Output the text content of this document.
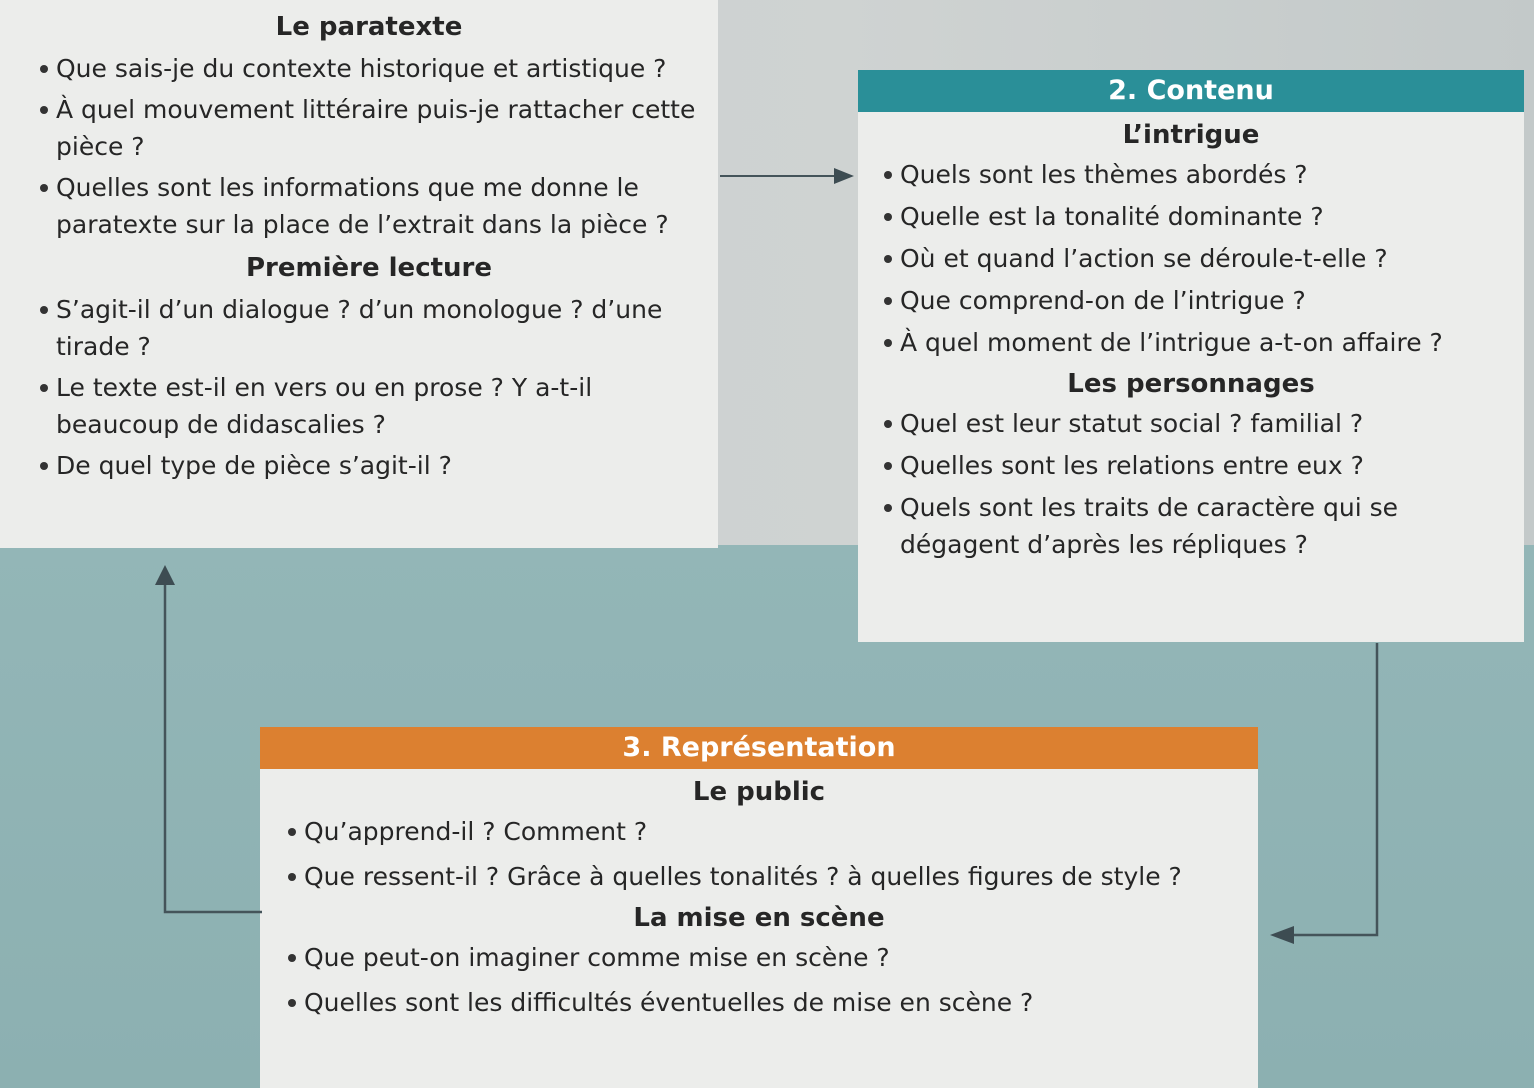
Le paratexte
Que sais-je du contexte historique et artistique ?
À quel mouvement littéraire puis-je rattacher cette pièce ?
Quelles sont les informations que me donne le paratexte sur la place de l’extrait dans la pièce ?
Première lecture
S’agit-il d’un dialogue ? d’un monologue ? d’une tirade ?
Le texte est-il en vers ou en prose ? Y a-t-il beaucoup de didascalies ?
De quel type de pièce s’agit-il ?
2. Contenu
L’intrigue
Quels sont les thèmes abordés ?
Quelle est la tonalité dominante ?
Où et quand l’action se déroule-t-elle ?
Que comprend-on de l’intrigue ?
À quel moment de l’intrigue a-t-on affaire ?
Les personnages
Quel est leur statut social ? familial ?
Quelles sont les relations entre eux ?
Quels sont les traits de caractère qui se dégagent d’après les répliques ?
3. Représentation
Le public
Qu’apprend-il ? Comment ?
Que ressent-il ? Grâce à quelles tonalités ? à quelles figures de style ?
La mise en scène
Que peut-on imaginer comme mise en scène ?
Quelles sont les difficultés éventuelles de mise en scène ?
